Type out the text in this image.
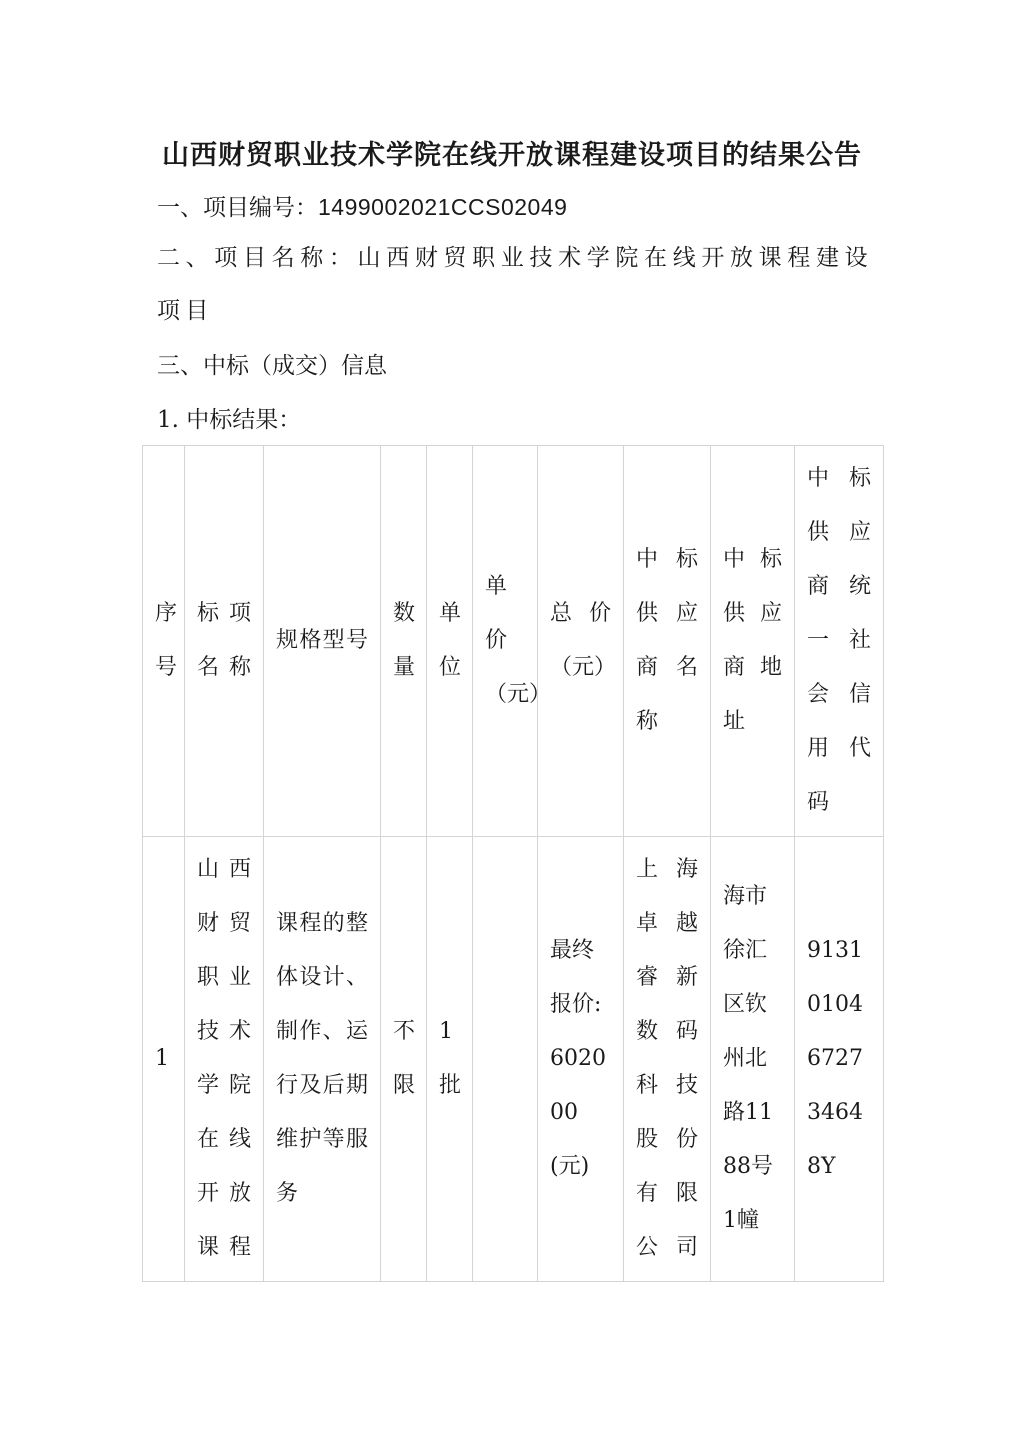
山西财贸职业技术学院在线开放课程建设项目的结果公告
一、项目编号：1499002021CCS02049
二、项目名称：山西财贸职业技术学院在线开放课程建设项目
三、中标（成交）信息
1. 中标结果：
序号	标项名称	规格型号	数量	单位	单价（元）	总价（元）	中标供应商名称	中标供应商地址	中标供应商统一社会信用代码
1	山西财贸职业技术学院在线开放课程	课程的整体设计、制作、运行及后期维护等服务	不限	1批		最终报价:602000(元)	上海卓越睿新数码科技股份有限公司	海市徐汇区钦州北路1188号1幢	91310104672734648Y
